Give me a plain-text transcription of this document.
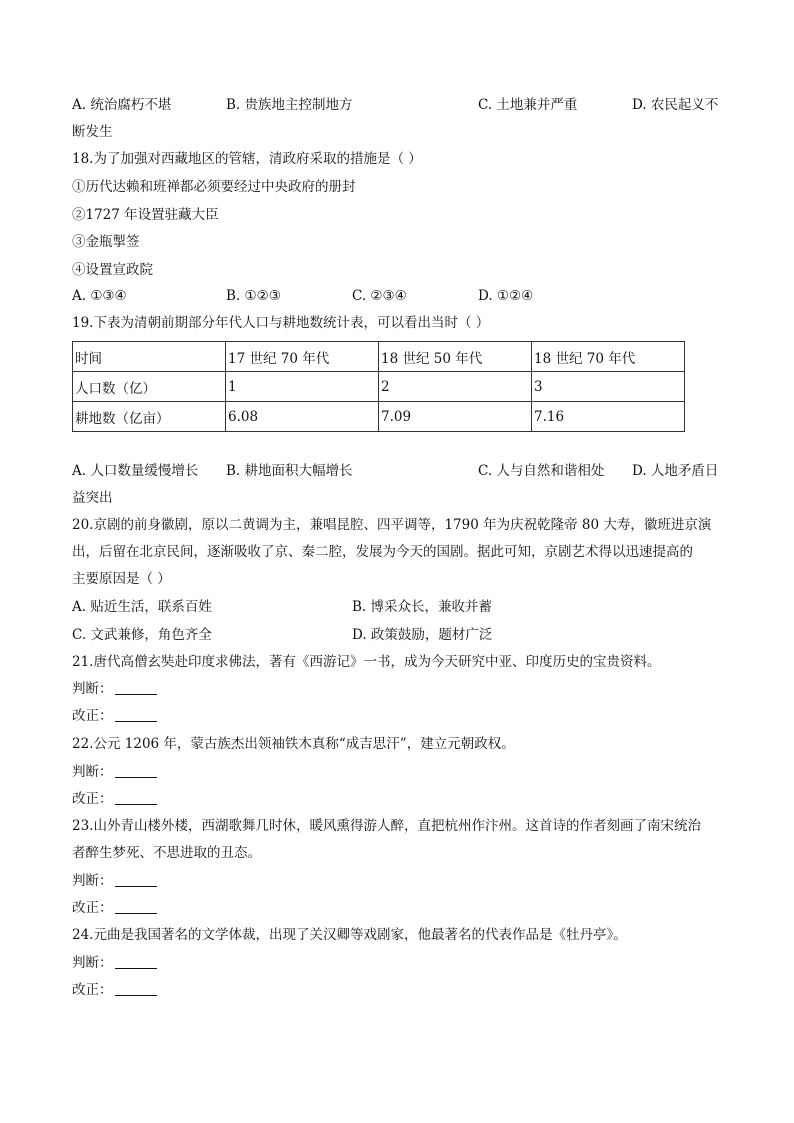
A. 统治腐朽不堪	B. 贵族地主控制地方	C. 土地兼并严重	D. 农民起义不
断发生
18.为了加强对西藏地区的管辖，清政府采取的措施是（ ）
①历代达赖和班禅都必须要经过中央政府的册封
②1727 年设置驻藏大臣
③金瓶掣签
④设置宣政院
A. ①③④	B. ①②③	C. ②③④	D. ①②④
19.下表为清朝前期部分年代人口与耕地数统计表，可以看出当时（ ）
时间	17 世纪 70 年代	18 世纪 50 年代	18 世纪 70 年代
人口数（亿）	1	2	3
耕地数（亿亩）	6.08	7.09	7.16
A. 人口数量缓慢增长 B. 耕地面积大幅增长	C. 人与自然和谐相处 D. 人地矛盾日
益突出
20.京剧的前身徽剧，原以二黄调为主，兼唱昆腔、四平调等，1790 年为庆祝乾隆帝 80 大寿，徽班进京演
出，后留在北京民间，逐渐吸收了京、秦二腔，发展为今天的国剧。据此可知，京剧艺术得以迅速提高的
主要原因是（ ）
A. 贴近生活，联系百姓	B. 博采众长，兼收并蓄
C. 文武兼修，角色齐全	D. 政策鼓励，题材广泛
21.唐代高僧玄奘赴印度求佛法，著有《西游记》一书，成为今天研究中亚、印度历史的宝贵资料。
判断：
改正：
22.公元 1206 年，蒙古族杰出领袖铁木真称“成吉思汗”，建立元朝政权。
判断：
改正：
23.山外青山楼外楼，西湖歌舞几时休，暖风熏得游人醉，直把杭州作汴州。这首诗的作者刻画了南宋统治
者醉生梦死、不思进取的丑态。
判断：
改正：
24.元曲是我国著名的文学体裁，出现了关汉卿等戏剧家，他最著名的代表作品是《牡丹亭》。
判断：
改正：
